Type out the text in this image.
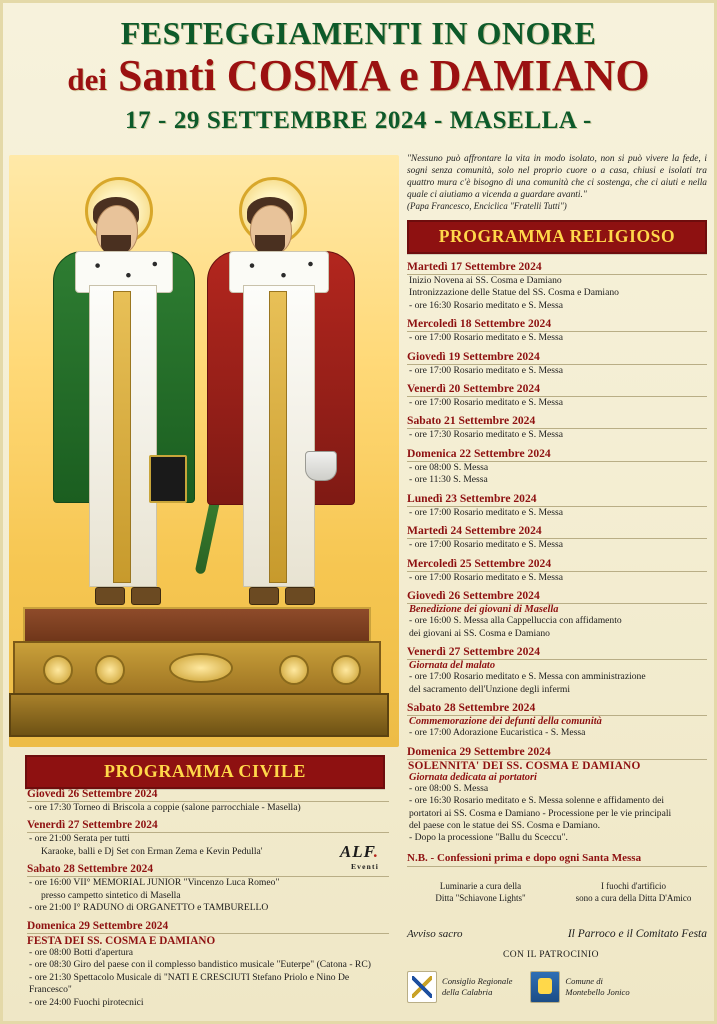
FESTEGGIAMENTI IN ONORE
dei Santi COSMA e DAMIANO
17 - 29 SETTEMBRE 2024 - MASELLA -
"Nessuno può affrontare la vita in modo isolato, non si può vivere la fede, i sogni senza comunità, solo nel proprio cuore o a casa, chiusi e isolati tra quattro mura c'è bisogno di una comunità che ci sostenga, che ci aiuti e nella quale ci aiutiamo a vicenda a guardare avanti."
(Papa Francesco, Enciclica "Fratelli Tutti")
PROGRAMMA RELIGIOSO
Martedì 17 Settembre 2024
Inizio Novena ai SS. Cosma e Damiano
Intronizzazione delle Statue del SS. Cosma e Damiano
- ore 16:30 Rosario meditato e S. Messa
Mercoledì 18 Settembre 2024
- ore 17:00 Rosario meditato e S. Messa
Giovedì 19 Settembre 2024
- ore 17:00 Rosario meditato e S. Messa
Venerdì 20 Settembre 2024
- ore 17:00 Rosario meditato e S. Messa
Sabato 21 Settembre 2024
- ore 17:30 Rosario meditato e S. Messa
Domenica 22 Settembre 2024
- ore 08:00 S. Messa
- ore 11:30 S. Messa
Lunedì 23 Settembre 2024
- ore 17:00 Rosario meditato e S. Messa
Martedì 24 Settembre 2024
- ore 17:00 Rosario meditato e S. Messa
Mercoledì 25 Settembre 2024
- ore 17:00 Rosario meditato e S. Messa
Giovedì 26 Settembre 2024
Benedizione dei giovani di Masella
- ore 16:00 S. Messa alla Cappelluccia con affidamento
dei giovani ai SS. Cosma e Damiano
Venerdì 27 Settembre 2024
Giornata del malato
- ore 17:00 Rosario meditato e S. Messa con amministrazione
del sacramento dell'Unzione degli infermi
Sabato 28 Settembre 2024
Commemorazione dei defunti della comunità
- ore 17:00 Adorazione Eucaristica - S. Messa
Domenica 29 Settembre 2024
SOLENNITA' DEI SS. COSMA E DAMIANO
Giornata dedicata ai portatori
- ore 08:00 S. Messa
- ore 16:30 Rosario meditato e S. Messa solenne e affidamento dei
portatori ai SS. Cosma e Damiano - Processione per le vie principali
del paese con le statue dei SS. Cosma e Damiano.
- Dopo la processione "Ballu du Sceccu".
N.B. - Confessioni prima e dopo ogni Santa Messa
Luminarie a cura della
Ditta "Schiavone Lights"
I fuochi d'artificio
sono a cura della Ditta D'Amico
Avviso sacro	Il Parroco e il Comitato Festa
CON IL PATROCINIO
Consiglio Regionale
della Calabria
Comune di
Montebello Jonico
PROGRAMMA CIVILE
Giovedì 26 Settembre 2024
- ore 17:30 Torneo di Briscola a coppie (salone parrocchiale - Masella)
Venerdì 27 Settembre 2024
- ore 21:00 Serata per tutti
Karaoke, balli e Dj Set con Erman Zema e Kevin Pedulla'
Sabato 28 Settembre 2024
- ore 16:00 VII° MEMORIAL JUNIOR "Vincenzo Luca Romeo"
presso campetto sintetico di Masella
- ore 21:00 I° RADUNO di ORGANETTO e TAMBURELLO
Domenica 29 Settembre 2024
FESTA DEI SS. COSMA E DAMIANO
- ore 08:00 Botti d'apertura
- ore 08:30 Giro del paese con il complesso bandistico musicale "Euterpe" (Catona - RC)
- ore 21:30 Spettacolo Musicale di "NATI E CRESCIUTI Stefano Priolo e Nino De Francesco"
- ore 24:00 Fuochi pirotecnici
ALF.
Eventi
